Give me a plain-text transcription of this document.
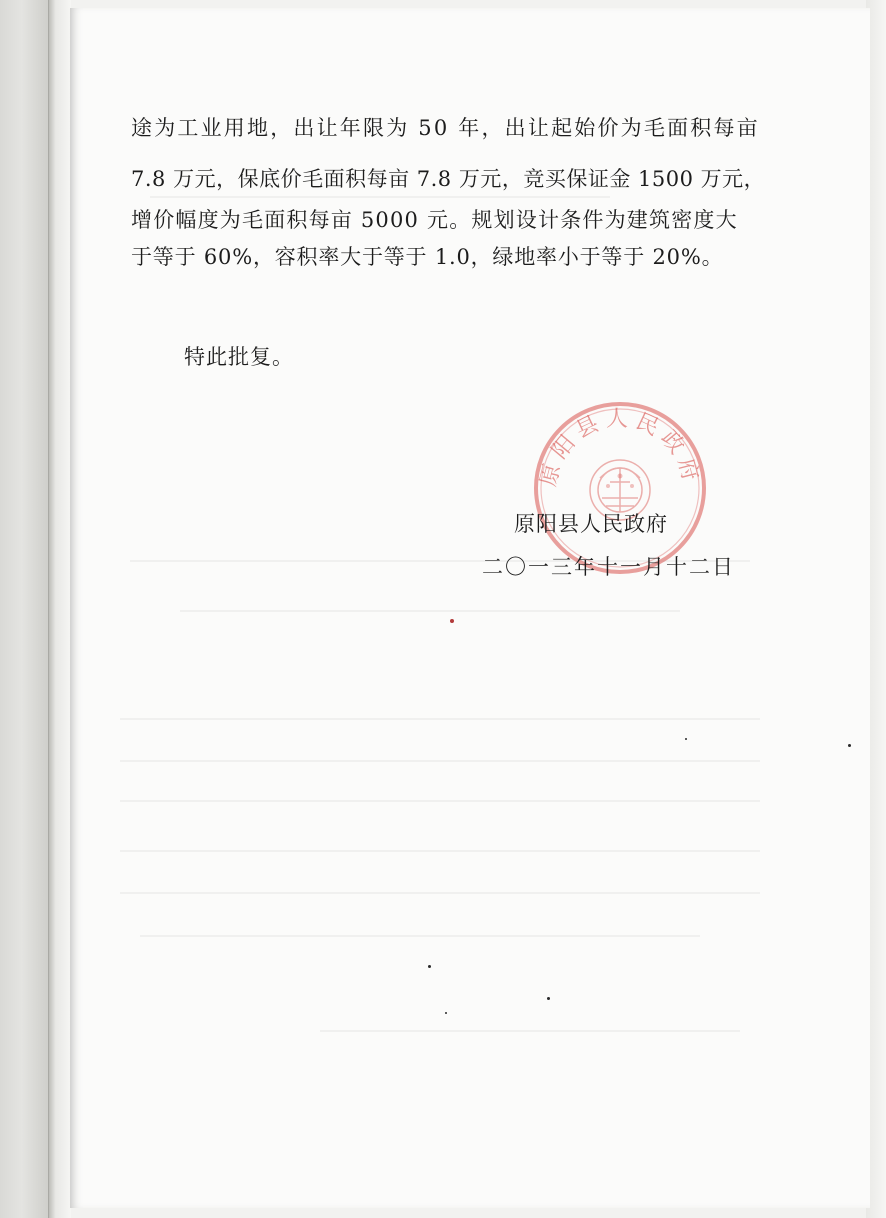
途为工业用地，出让年限为 50 年，出让起始价为毛面积每亩
7.8 万元，保底价毛面积每亩 7.8 万元，竞买保证金 1500 万元，
增价幅度为毛面积每亩 5000 元。规划设计条件为建筑密度大
于等于 60%，容积率大于等于 1.0，绿地率小于等于 20%。
特此批复。
原阳县人民政府
原阳县人民政府
二〇一三年十一月十二日
